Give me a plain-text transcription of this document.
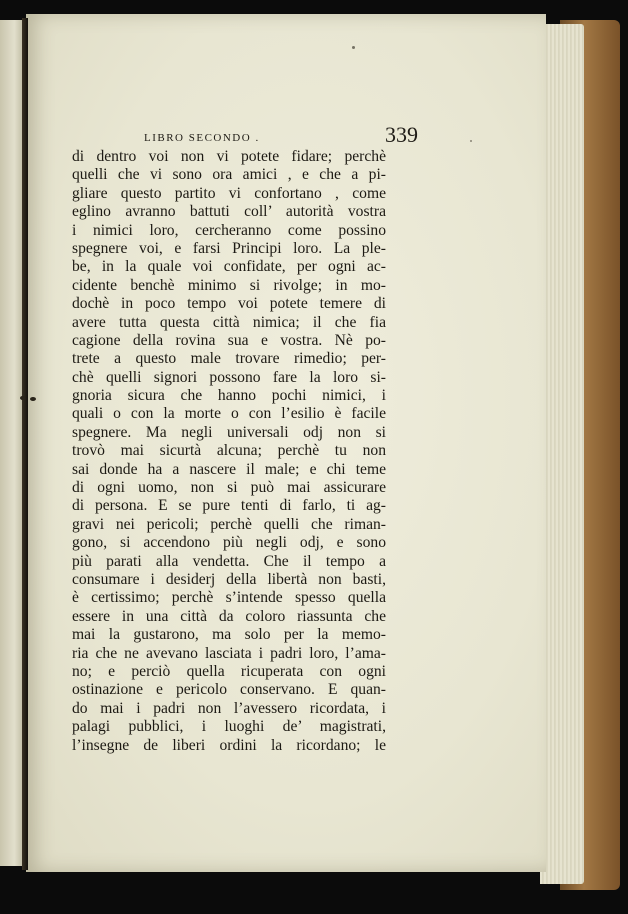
LIBRO SECONDO .	339
di dentro voi non vi potete fidare; perchè
quelli che vi sono ora amici , e che a pi-
gliare questo partito vi confortano , come
eglino avranno battuti coll’ autorità vostra
i nimici loro, cercheranno come possino
spegnere voi, e farsi Principi loro. La ple-
be, in la quale voi confidate, per ogni ac-
cidente benchè minimo si rivolge; in mo-
dochè in poco tempo voi potete temere di
avere tutta questa città nimica; il che fia
cagione della rovina sua e vostra. Nè po-
trete a questo male trovare rimedio; per-
chè quelli signori possono fare la loro si-
gnoria sicura che hanno pochi nimici, i
quali o con la morte o con l’esilio è facile
spegnere. Ma negli universali odj non si
trovò mai sicurtà alcuna; perchè tu non
sai donde ha a nascere il male; e chi teme
di ogni uomo, non si può mai assicurare
di persona. E se pure tenti di farlo, ti ag-
gravi nei pericoli; perchè quelli che riman-
gono, si accendono più negli odj, e sono
più parati alla vendetta. Che il tempo a
consumare i desiderj della libertà non basti,
è certissimo; perchè s’intende spesso quella
essere in una città da coloro riassunta che
mai la gustarono, ma solo per la memo-
ria che ne avevano lasciata i padri loro, l’ama-
no; e perciò quella ricuperata con ogni
ostinazione e pericolo conservano. E quan-
do mai i padri non l’avessero ricordata, i
palagi pubblici, i luoghi de’ magistrati,
l’insegne de liberi ordini la ricordano; le
